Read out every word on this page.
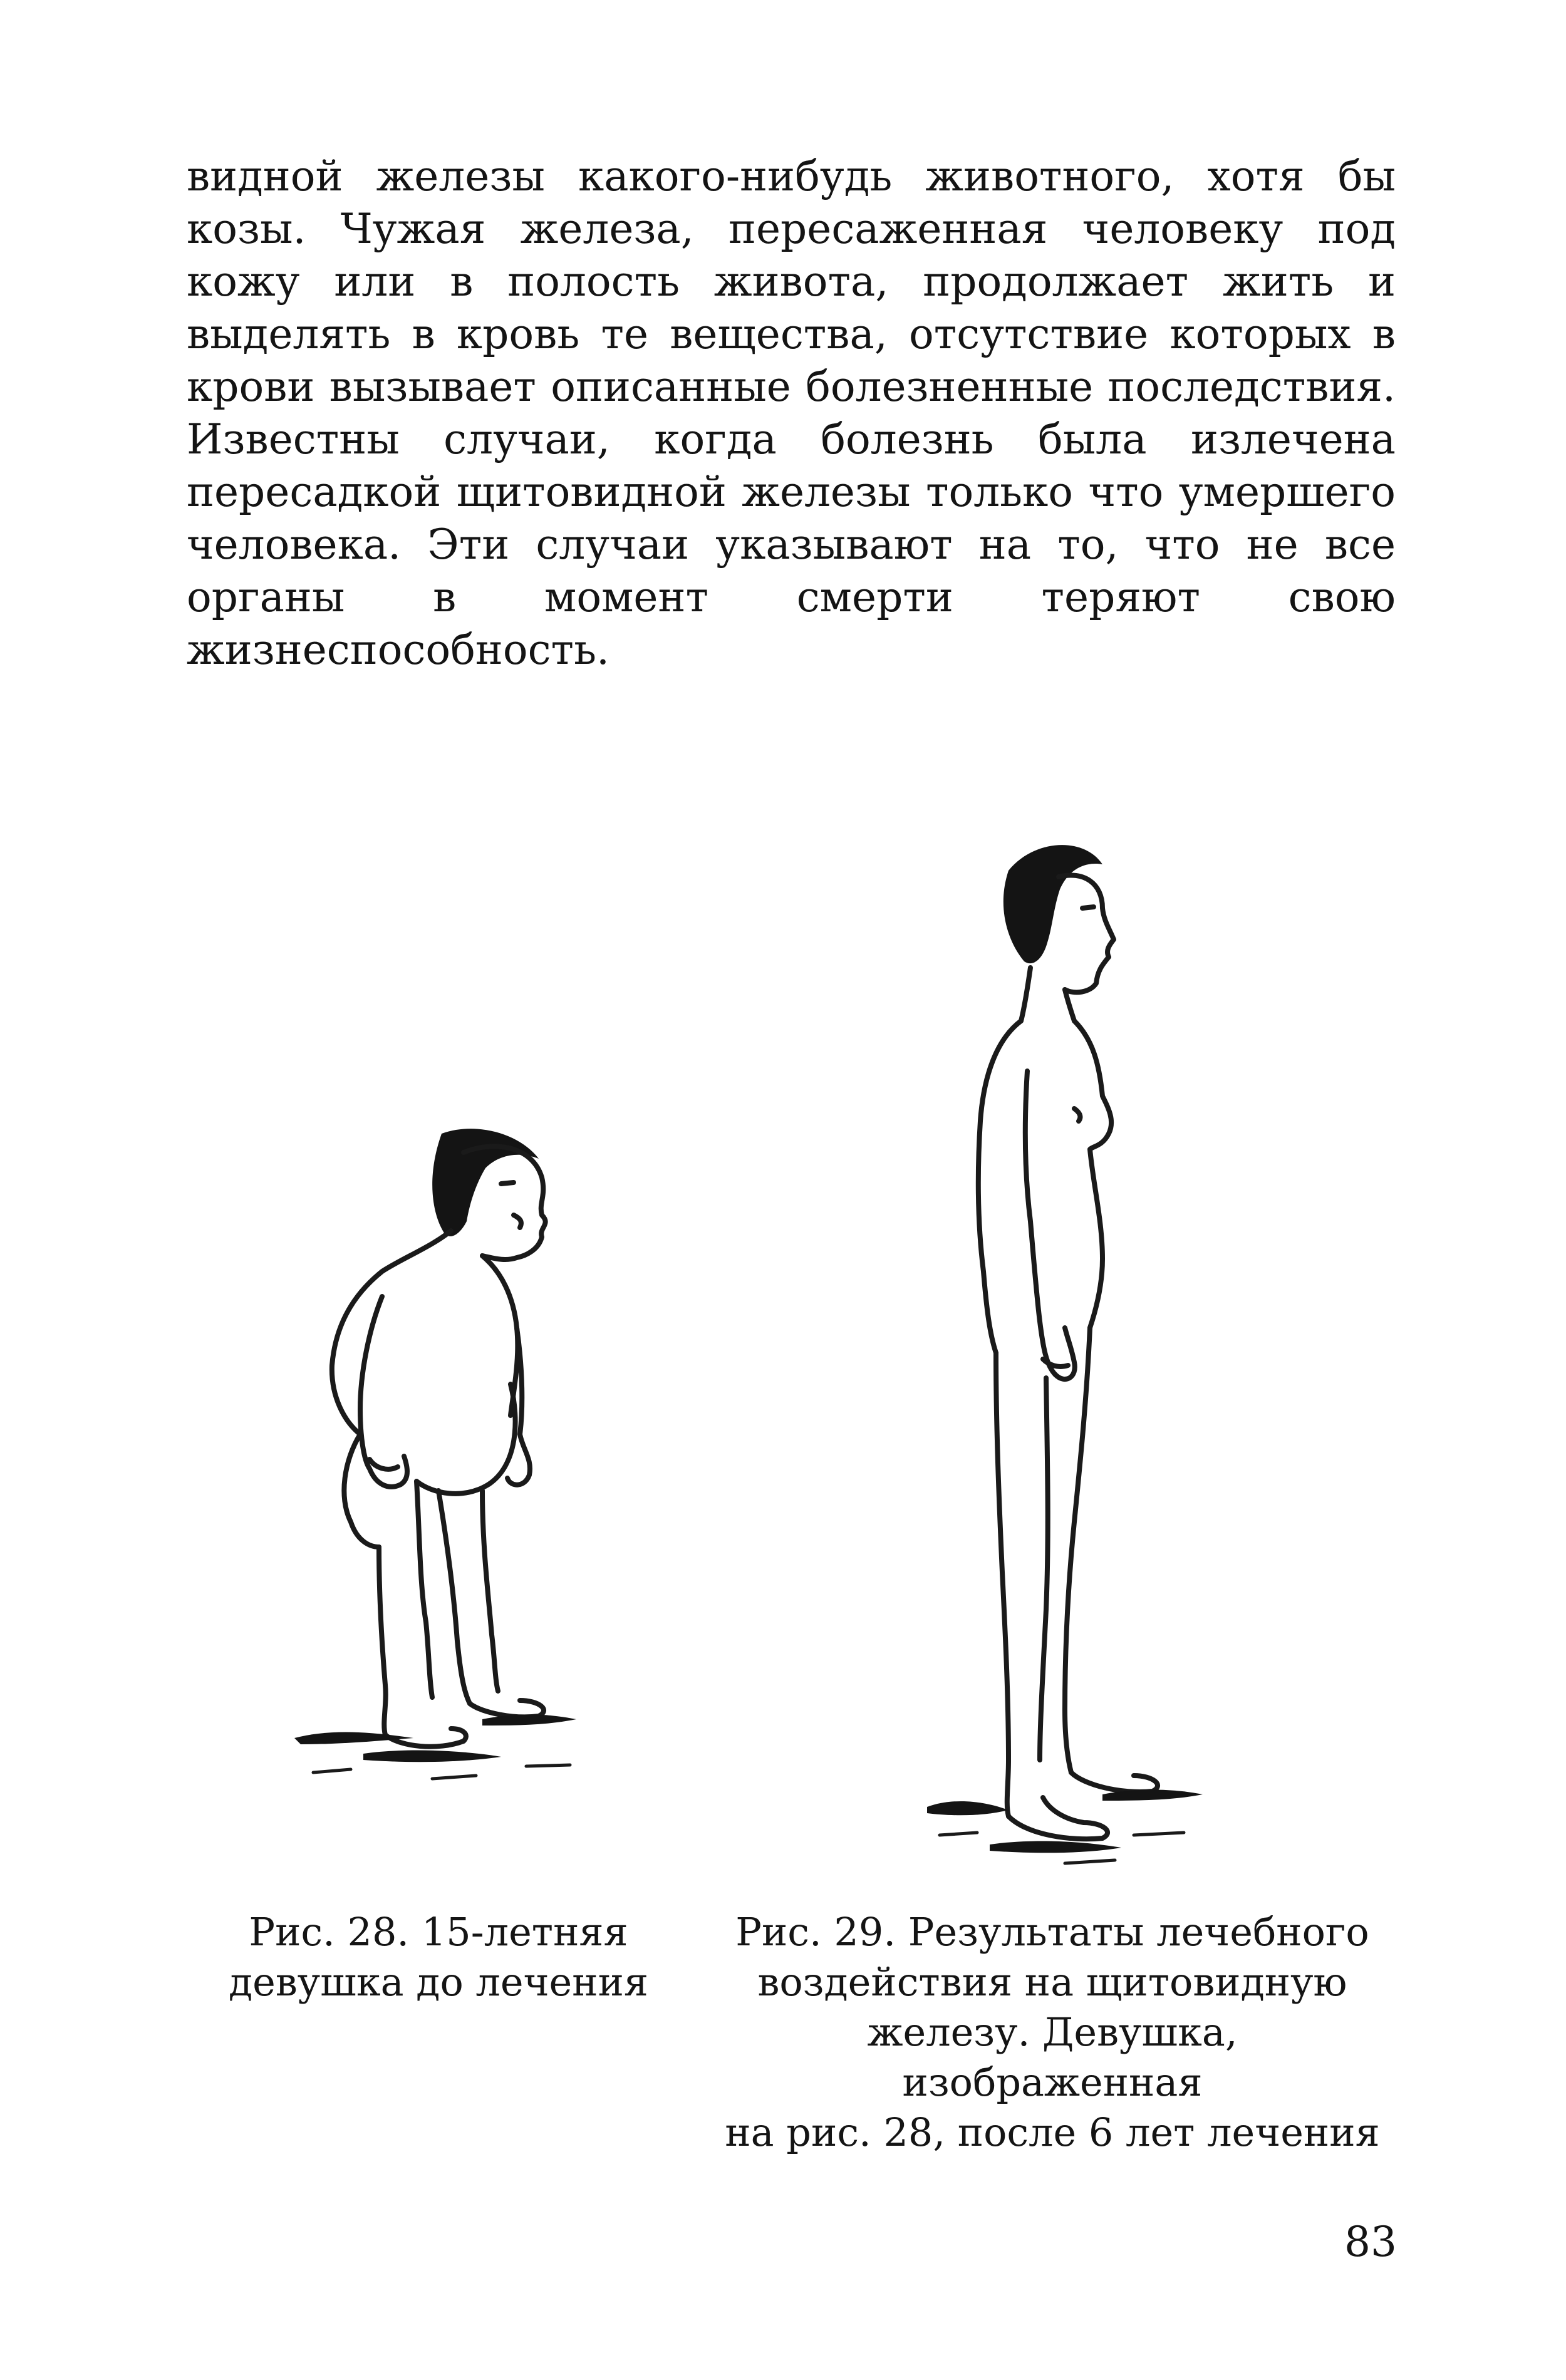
видной железы какого-нибудь животного, хотя бы козы. Чужая железа, пересаженная человеку под кожу или в полость живота, продолжает жить и выделять в кровь те вещества, отсутствие которых в крови вызывает описанные болезненные последствия. Известны случаи, когда болезнь была излечена пересадкой щитовидной железы только что умершего человека. Эти случаи указывают на то, что не все органы в момент смерти теряют свою жизнеспособность.

Рис. 28. 15-летняя
девушка до лечения
Рис. 29. Результаты лечебного
воздействия на щитовидную
железу. Девушка, изображенная
на рис. 28, после 6 лет лечения
83
